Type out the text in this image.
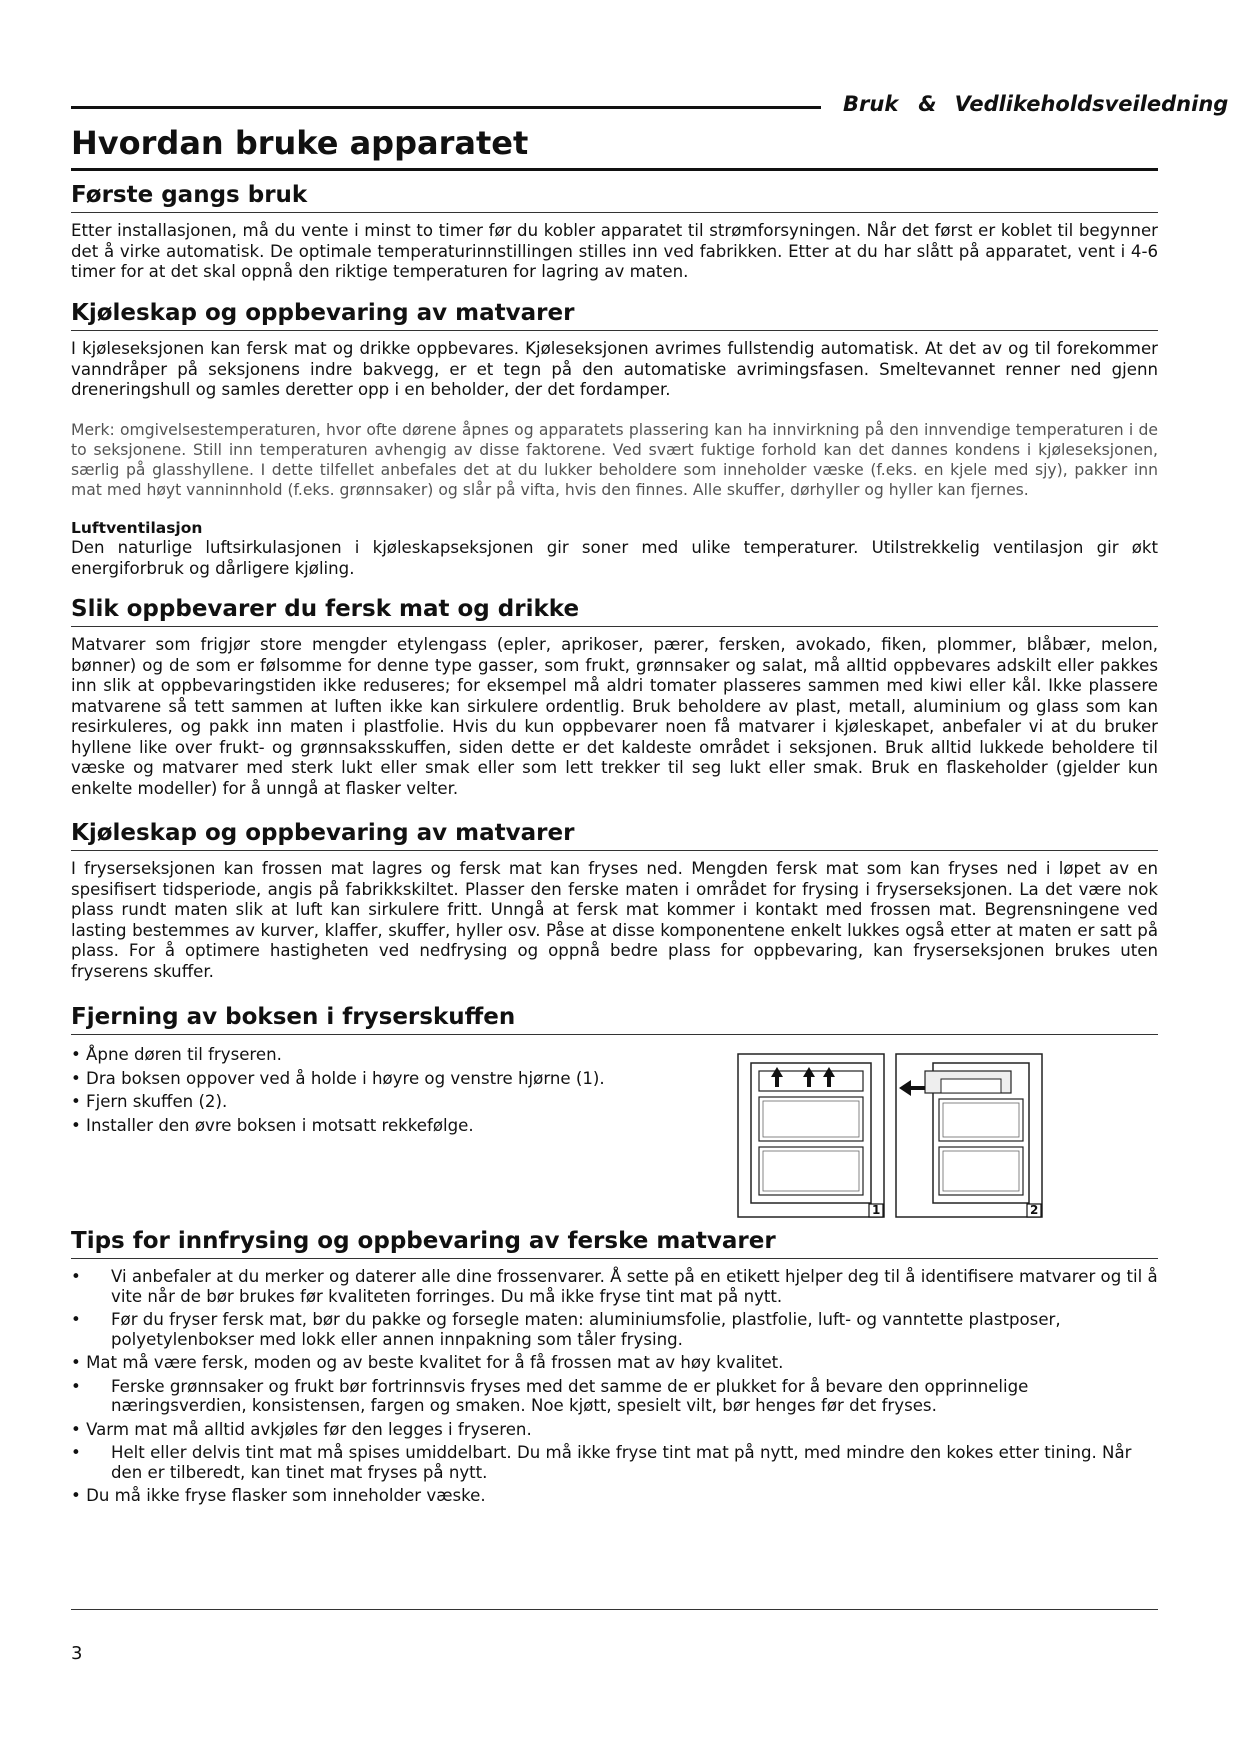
Bruk & Vedlikeholdsveiledning
Hvordan bruke apparatet
Første gangs bruk

Etter installasjonen, må du vente i minst to timer før du kobler apparatet til strømforsyningen. Når det først er koblet til begynner det å virke automatisk. De optimale temperaturinnstillingen stilles inn ved fabrikken. Etter at du har slått på apparatet, vent i 4-6 timer for at det skal oppnå den riktige temperaturen for lagring av maten.

Kjøleskap og oppbevaring av matvarer

I kjøleseksjonen kan fersk mat og drikke oppbevares. Kjøleseksjonen avrimes fullstendig automatisk. At det av og til forekommer vanndråper på seksjonens indre bakvegg, er et tegn på den automatiske avrimingsfasen. Smeltevannet renner ned gjenn dreneringshull og samles deretter opp i en beholder, der det fordamper.

Merk: omgivelsestemperaturen, hvor ofte dørene åpnes og apparatets plassering kan ha innvirkning på den innvendige temperaturen i de to seksjonene. Still inn temperaturen avhengig av disse faktorene. Ved svært fuktige forhold kan det dannes kondens i kjøleseksjonen, særlig på glasshyllene. I dette tilfellet anbefales det at du lukker beholdere som inneholder væske (f.eks. en kjele med sjy), pakker inn mat med høyt vanninnhold (f.eks. grønnsaker) og slår på vifta, hvis den finnes. Alle skuffer, dørhyller og hyller kan fjernes.

Luftventilasjon

Den naturlige luftsirkulasjonen i kjøleskapseksjonen gir soner med ulike temperaturer. Utilstrekkelig ventilasjon gir økt energiforbruk og dårligere kjøling.

Slik oppbevarer du fersk mat og drikke

Matvarer som frigjør store mengder etylengass (epler, aprikoser, pærer, fersken, avokado, fiken, plommer, blåbær, melon, bønner) og de som er følsomme for denne type gasser, som frukt, grønnsaker og salat, må alltid oppbevares adskilt eller pakkes inn slik at oppbevaringstiden ikke reduseres; for eksempel må aldri tomater plasseres sammen med kiwi eller kål. Ikke plassere matvarene så tett sammen at luften ikke kan sirkulere ordentlig. Bruk beholdere av plast, metall, aluminium og glass som kan resirkuleres, og pakk inn maten i plastfolie. Hvis du kun oppbevarer noen få matvarer i kjøleskapet, anbefaler vi at du bruker hyllene like over frukt- og grønnsaksskuffen, siden dette er det kaldeste området i seksjonen. Bruk alltid lukkede beholdere til væske og matvarer med sterk lukt eller smak eller som lett trekker til seg lukt eller smak. Bruk en flaskeholder (gjelder kun enkelte modeller) for å unngå at flasker velter.

Kjøleskap og oppbevaring av matvarer

I fryserseksjonen kan frossen mat lagres og fersk mat kan fryses ned. Mengden fersk mat som kan fryses ned i løpet av en spesifisert tidsperiode, angis på fabrikkskiltet. Plasser den ferske maten i området for frysing i fryserseksjonen. La det være nok plass rundt maten slik at luft kan sirkulere fritt. Unngå at fersk mat kommer i kontakt med frossen mat. Begrensningene ved lasting bestemmes av kurver, klaffer, skuffer, hyller osv. Påse at disse komponentene enkelt lukkes også etter at maten er satt på plass. For å optimere hastigheten ved nedfrysing og oppnå bedre plass for oppbevaring, kan fryserseksjonen brukes uten fryserens skuffer.

Fjerning av boksen i fryserskuffen
• Åpne døren til fryseren.
• Dra boksen oppover ved å holde i høyre og venstre hjørne (1).
• Fjern skuffen (2).
• Installer den øvre boksen i motsatt rekkefølge.
1	2
Tips for innfrysing og oppbevaring av ferske matvarer
• Vi anbefaler at du merker og daterer alle dine frossenvarer. Å sette på en etikett hjelper deg til å identifisere matvarer og til å vite når de bør brukes før kvaliteten forringes. Du må ikke fryse tint mat på nytt.
• Før du fryser fersk mat, bør du pakke og forsegle maten: aluminiumsfolie, plastfolie, luft- og vanntette plastposer, polyetylenbokser med lokk eller annen innpakning som tåler frysing.
• Mat må være fersk, moden og av beste kvalitet for å få frossen mat av høy kvalitet.
• Ferske grønnsaker og frukt bør fortrinnsvis fryses med det samme de er plukket for å bevare den opprinnelige næringsverdien, konsistensen, fargen og smaken. Noe kjøtt, spesielt vilt, bør henges før det fryses.
• Varm mat må alltid avkjøles før den legges i fryseren.
• Helt eller delvis tint mat må spises umiddelbart. Du må ikke fryse tint mat på nytt, med mindre den kokes etter tining. Når den er tilberedt, kan tinet mat fryses på nytt.
• Du må ikke fryse flasker som inneholder væske.
3
